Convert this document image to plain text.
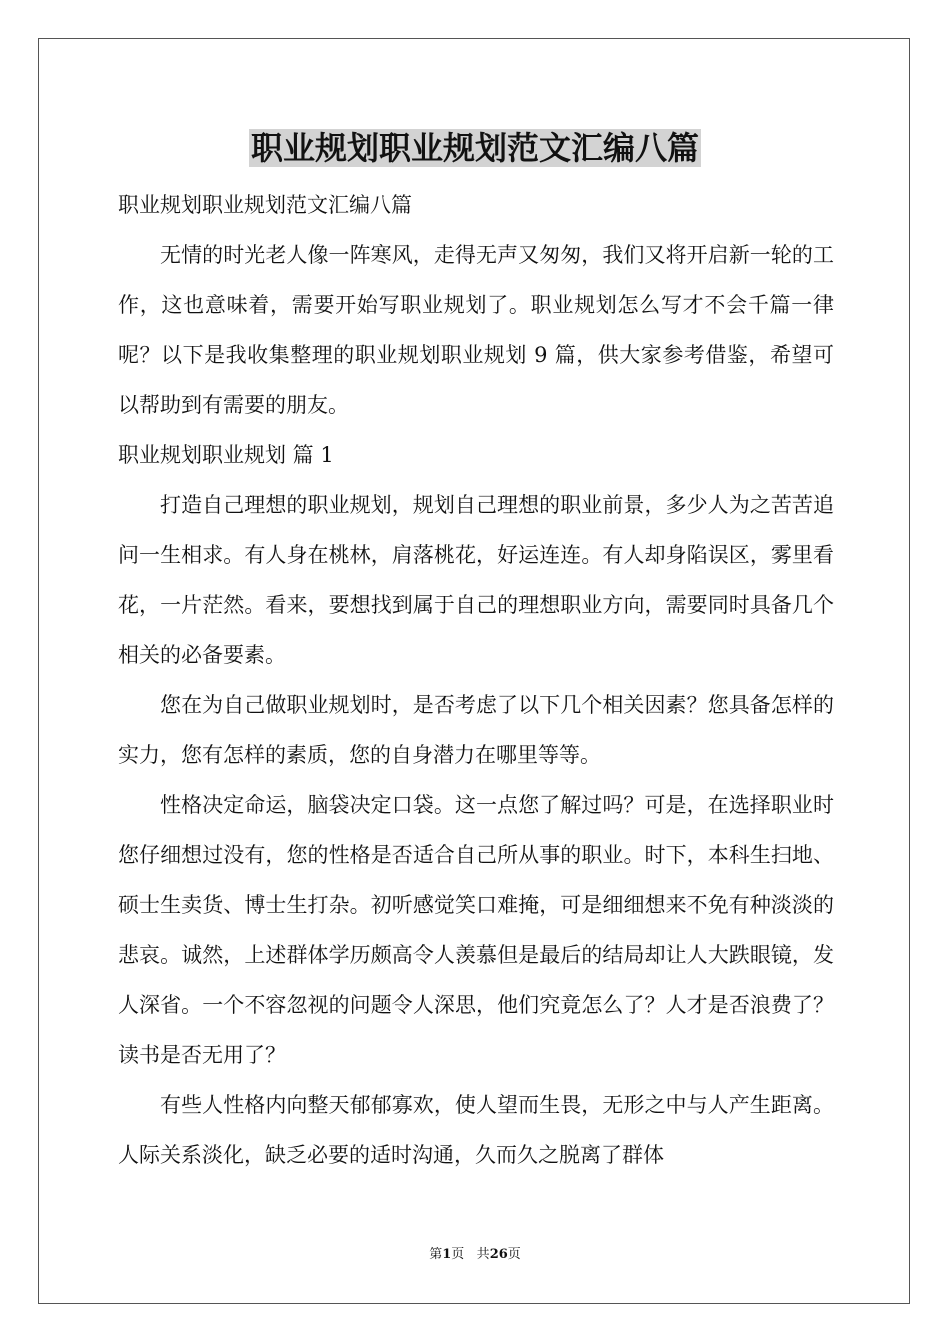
职业规划职业规划范文汇编八篇

职业规划职业规划范文汇编八篇

无情的时光老人像一阵寒风，走得无声又匆匆，我们又将开启新一轮的工作，这也意味着，需要开始写职业规划了。职业规划怎么写才不会千篇一律呢？以下是我收集整理的职业规划职业规划 9 篇，供大家参考借鉴，希望可以帮助到有需要的朋友。

职业规划职业规划 篇 1

打造自己理想的职业规划，规划自己理想的职业前景，多少人为之苦苦追问一生相求。有人身在桃林，肩落桃花，好运连连。有人却身陷误区，雾里看花，一片茫然。看来，要想找到属于自己的理想职业方向，需要同时具备几个相关的必备要素。

您在为自己做职业规划时，是否考虑了以下几个相关因素？您具备怎样的实力，您有怎样的素质，您的自身潜力在哪里等等。

性格决定命运，脑袋决定口袋。这一点您了解过吗？可是，在选择职业时您仔细想过没有，您的性格是否适合自己所从事的职业。时下，本科生扫地、硕士生卖货、博士生打杂。初听感觉笑口难掩，可是细细想来不免有种淡淡的悲哀。诚然，上述群体学历颇高令人羡慕但是最后的结局却让人大跌眼镜，发人深省。一个不容忽视的问题令人深思，他们究竟怎么了？人才是否浪费了？读书是否无用了？

有些人性格内向整天郁郁寡欢，使人望而生畏，无形之中与人产生距离。人际关系淡化，缺乏必要的适时沟通，久而久之脱离了群体

第1页 共26页
